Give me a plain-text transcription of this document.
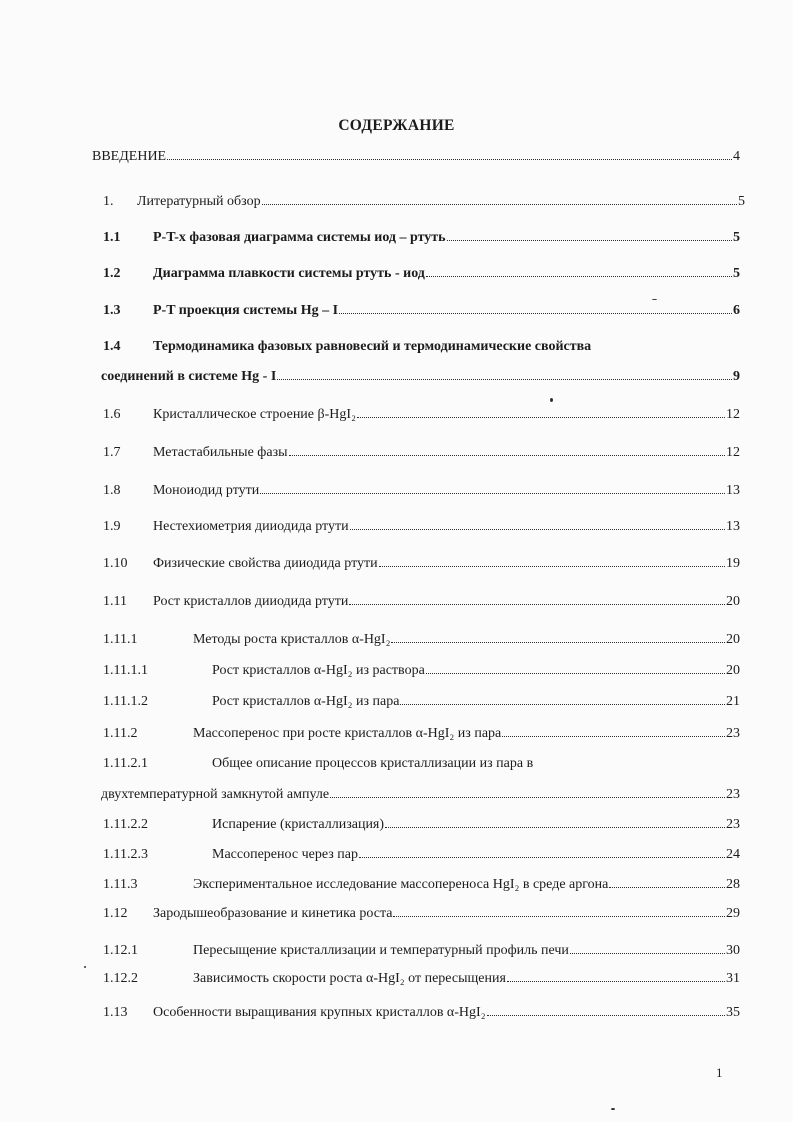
СОДЕРЖАНИЕ
ВВЕДЕНИЕ	4
1.	Литературный обзор	5
1.1	P-T-x фазовая диаграмма системы иод – ртуть	5
1.2	Диаграмма плавкости системы ртуть - иод	5
1.3	P-T проекция системы Hg – I	6
1.4	Термодинамика фазовых равновесий и термодинамические свойства
соединений в системе Hg - I	9
1.6	Кристаллическое строение β-HgI₂	12
1.7	Метастабильные фазы	12
1.8	Моноиодид ртути	13
1.9	Нестехиометрия дииодида ртути	13
1.10	Физические свойства дииодида ртути	19
1.11	Рост кристаллов дииодида ртути	20
1.11.1	Методы роста кристаллов α-HgI₂	20
1.11.1.1	Рост кристаллов α-HgI₂ из раствора	20
1.11.1.2	Рост кристаллов α-HgI₂ из пара	21
1.11.2	Массоперенос при росте кристаллов α-HgI₂ из пара	23
1.11.2.1	Общее описание процессов кристаллизации из пара в
двухтемпературной замкнутой ампуле	23
1.11.2.2	Испарение (кристаллизация)	23
1.11.2.3	Массоперенос через пар	24
1.11.3	Экспериментальное исследование массопереноса HgI₂ в среде аргона	28
1.12	Зародышеобразование и кинетика роста	29
1.12.1	Пересыщение кристаллизации и температурный профиль печи	30
1.12.2	Зависимость скорости роста α-HgI₂ от пересыщения	31
1.13	Особенности выращивания крупных кристаллов α-HgI₂	35
1
